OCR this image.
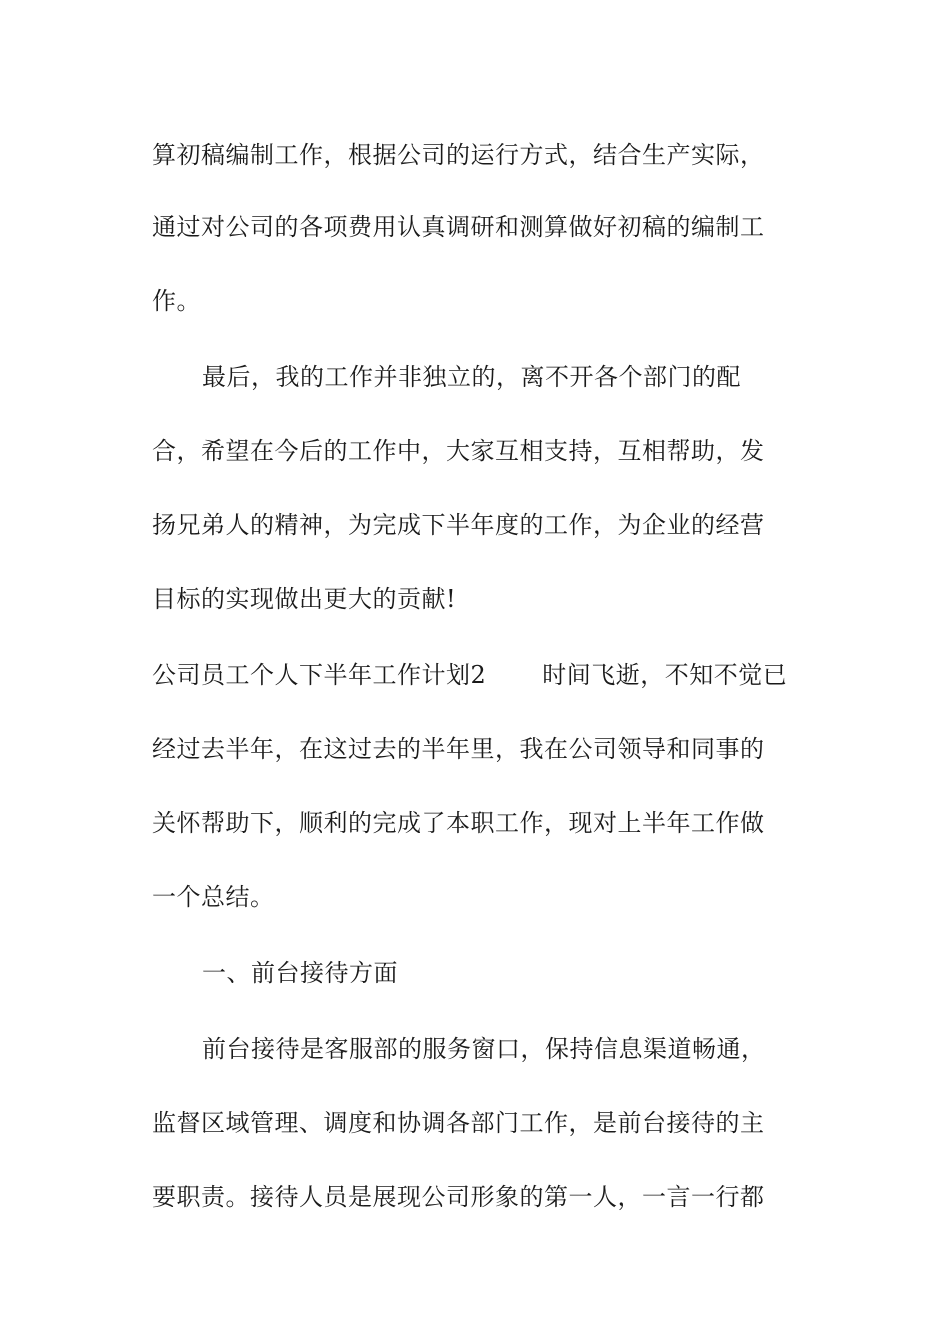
算初稿编制工作，根据公司的运行方式，结合生产实际，
通过对公司的各项费用认真调研和测算做好初稿的编制工
作。
最后，我的工作并非独立的，离不开各个部门的配
合，希望在今后的工作中，大家互相支持，互相帮助，发
扬兄弟人的精神，为完成下半年度的工作，为企业的经营
目标的实现做出更大的贡献!
公司员工个人下半年工作计划2 时间飞逝，不知不觉已
经过去半年，在这过去的半年里，我在公司领导和同事的
关怀帮助下，顺利的完成了本职工作，现对上半年工作做
一个总结。
一、前台接待方面
前台接待是客服部的服务窗口，保持信息渠道畅通，
监督区域管理、调度和协调各部门工作，是前台接待的主
要职责。接待人员是展现公司形象的第一人，一言一行都
